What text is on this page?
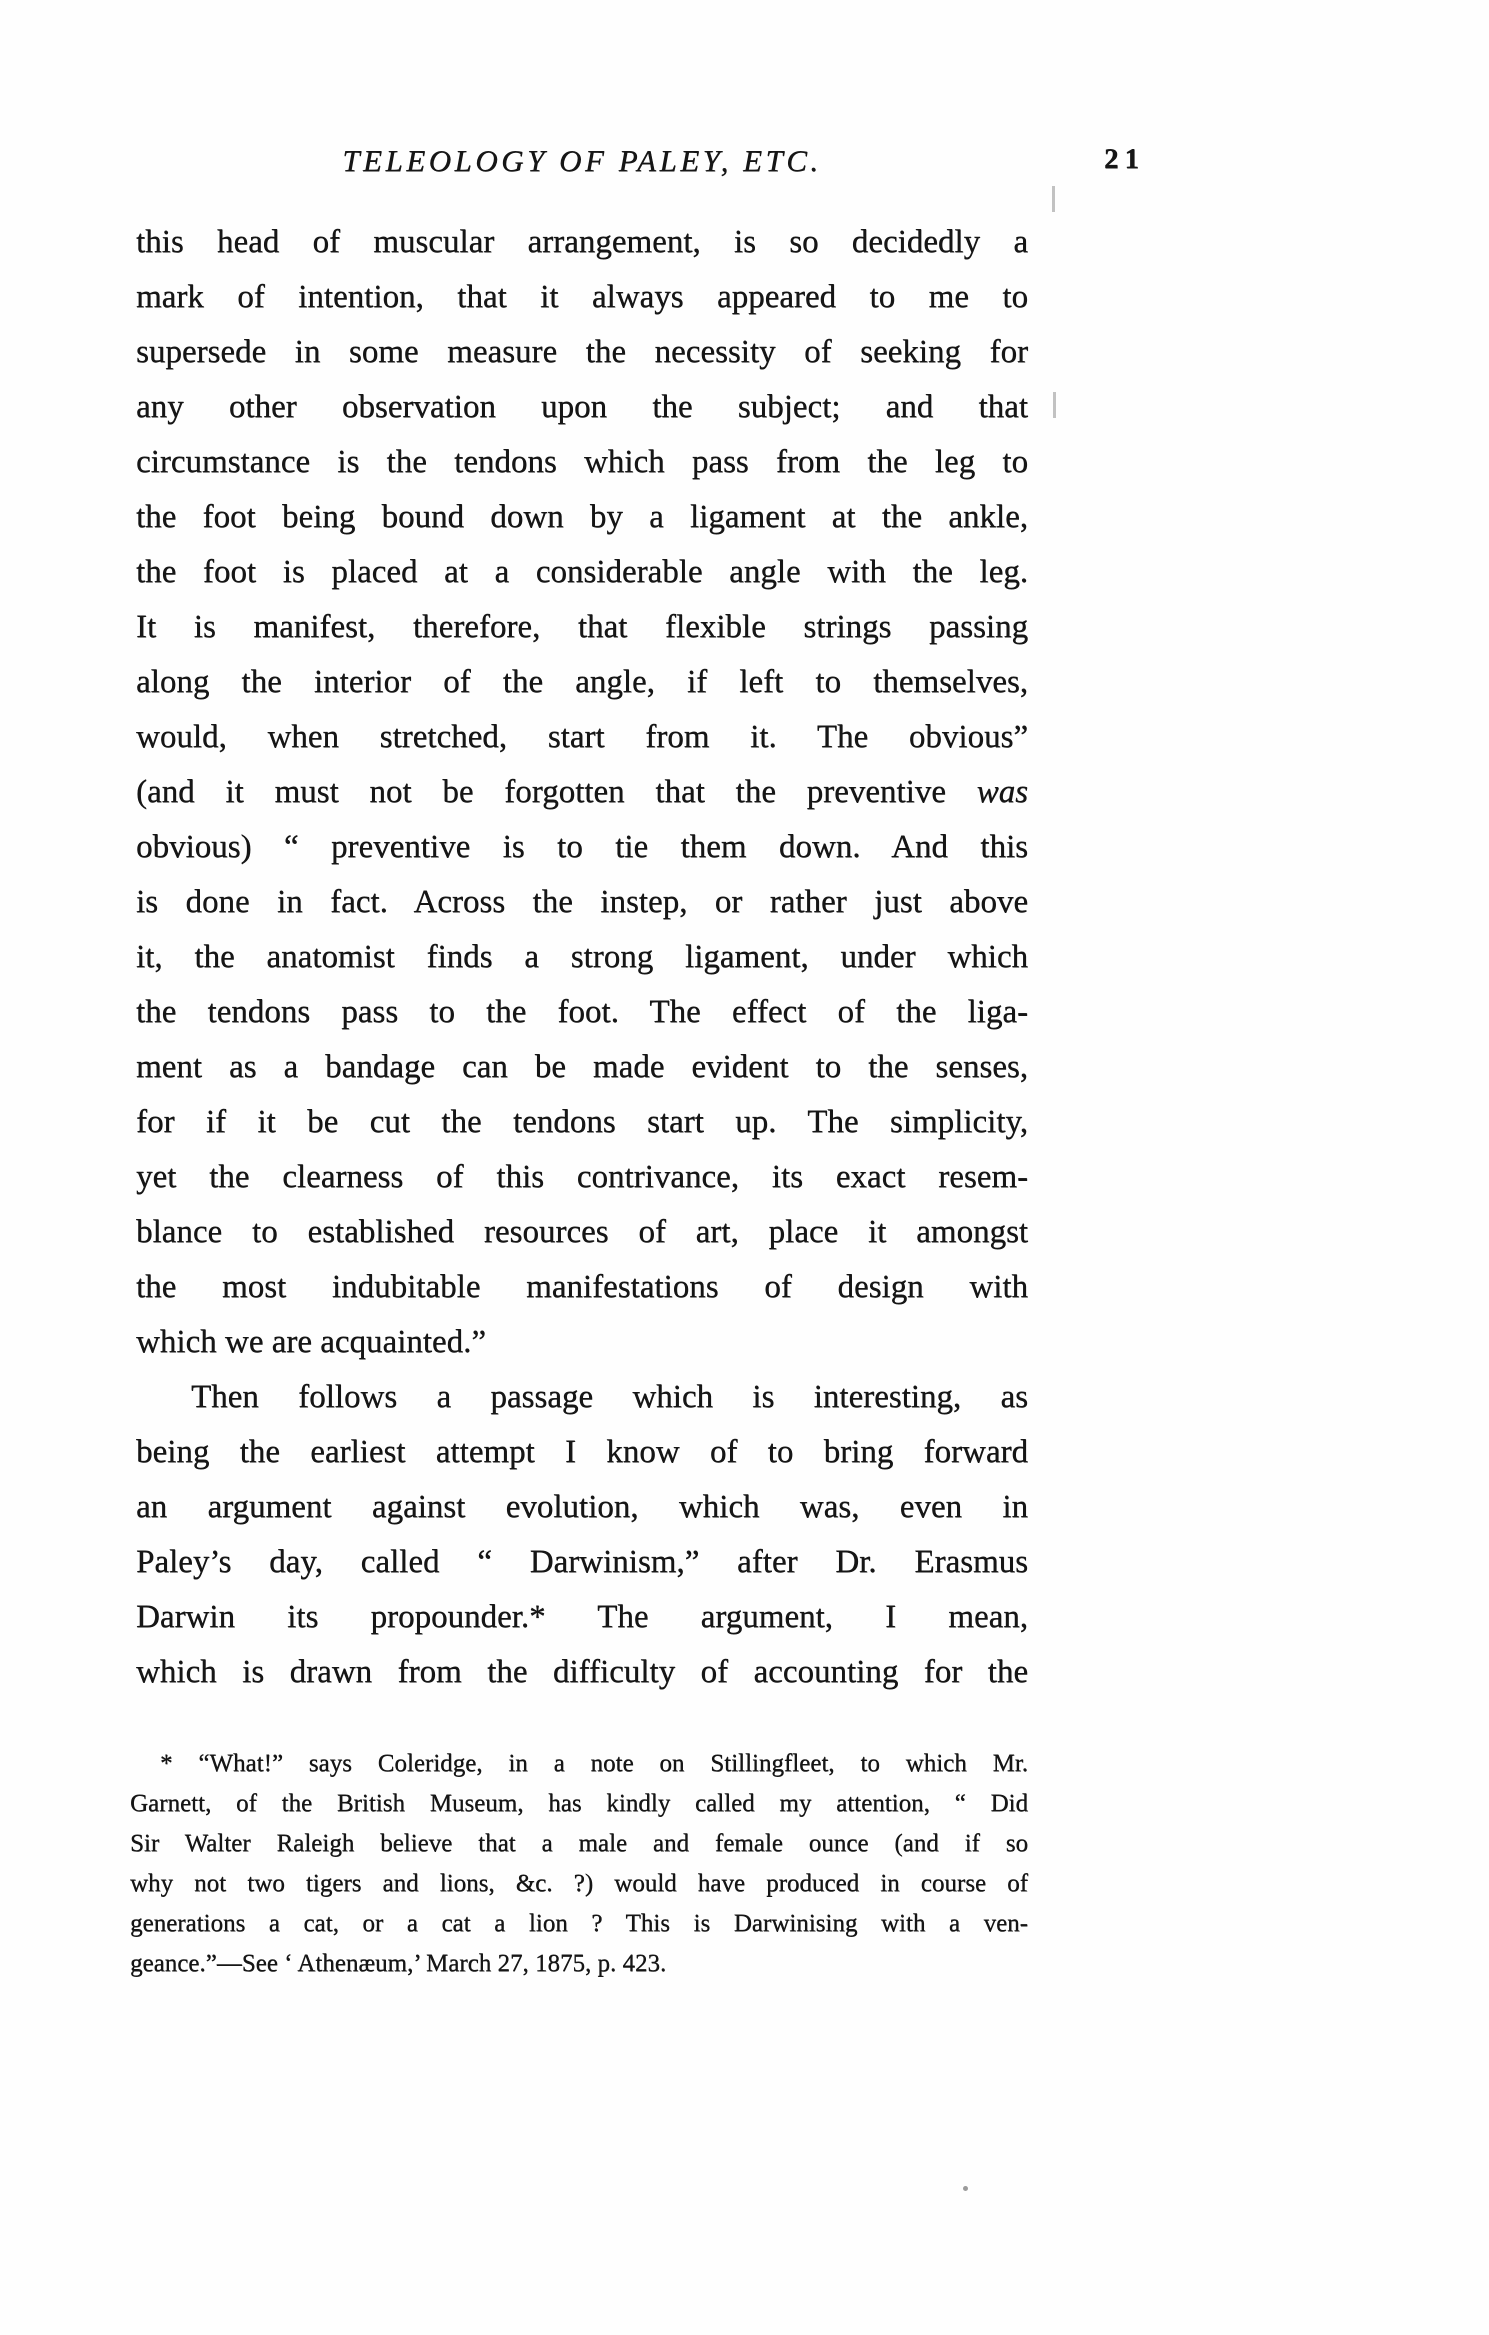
TELEOLOGY OF PALEY, ETC.	21
this head of muscular arrangement, is so decidedly a
mark of intention, that it always appeared to me to
supersede in some measure the necessity of seeking for
any other observation upon the subject; and that
circumstance is the tendons which pass from the leg to
the foot being bound down by a ligament at the ankle,
the foot is placed at a considerable angle with the leg.
It is manifest, therefore, that flexible strings passing
along the interior of the angle, if left to themselves,
would, when stretched, start from it. The obvious”
(and it must not be forgotten that the preventive was
obvious) “ preventive is to tie them down. And this
is done in fact. Across the instep, or rather just above
it, the anatomist finds a strong ligament, under which
the tendons pass to the foot. The effect of the liga-
ment as a bandage can be made evident to the senses,
for if it be cut the tendons start up. The simplicity,
yet the clearness of this contrivance, its exact resem-
blance to established resources of art, place it amongst
the most indubitable manifestations of design with
which we are acquainted.”
Then follows a passage which is interesting, as
being the earliest attempt I know of to bring forward
an argument against evolution, which was, even in
Paley’s day, called “ Darwinism,” after Dr. Erasmus
Darwin its propounder.* The argument, I mean,
which is drawn from the difficulty of accounting for the
* “What!” says Coleridge, in a note on Stillingfleet, to which Mr.
Garnett, of the British Museum, has kindly called my attention, “ Did
Sir Walter Raleigh believe that a male and female ounce (and if so
why not two tigers and lions, &c. ?) would have produced in course of
generations a cat, or a cat a lion ? This is Darwinising with a ven-
geance.”—See ‘ Athenæum,’ March 27, 1875, p. 423.
